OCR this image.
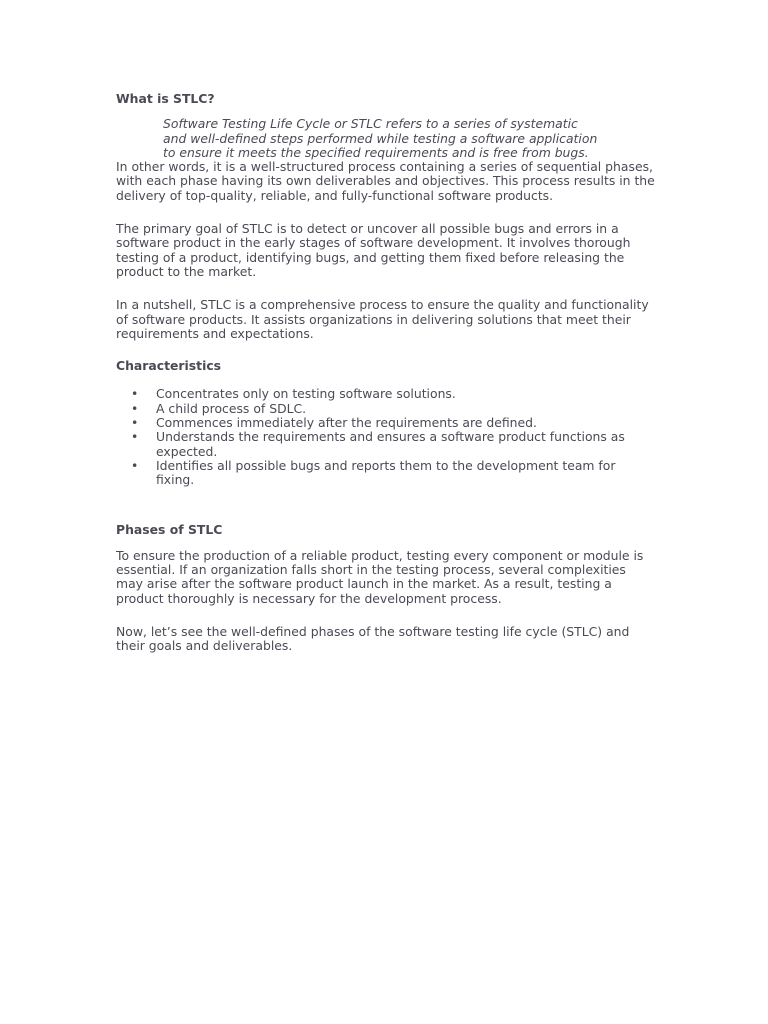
What is STLC?

Software Testing Life Cycle or STLC refers to a series of systematic and well-defined steps performed while testing a software application to ensure it meets the specified requirements and is free from bugs.

In other words, it is a well-structured process containing a series of sequential phases, with each phase having its own deliverables and objectives. This process results in the delivery of top-quality, reliable, and fully-functional software products.

The primary goal of STLC is to detect or uncover all possible bugs and errors in a software product in the early stages of software development. It involves thorough testing of a product, identifying bugs, and getting them fixed before releasing the product to the market.

In a nutshell, STLC is a comprehensive process to ensure the quality and functionality of software products. It assists organizations in delivering solutions that meet their requirements and expectations.

Characteristics

• Concentrates only on testing software solutions.
• A child process of SDLC.
• Commences immediately after the requirements are defined.
• Understands the requirements and ensures a software product functions as expected.
• Identifies all possible bugs and reports them to the development team for fixing.

Phases of STLC

To ensure the production of a reliable product, testing every component or module is essential. If an organization falls short in the testing process, several complexities may arise after the software product launch in the market. As a result, testing a product thoroughly is necessary for the development process.

Now, let’s see the well-defined phases of the software testing life cycle (STLC) and their goals and deliverables.
